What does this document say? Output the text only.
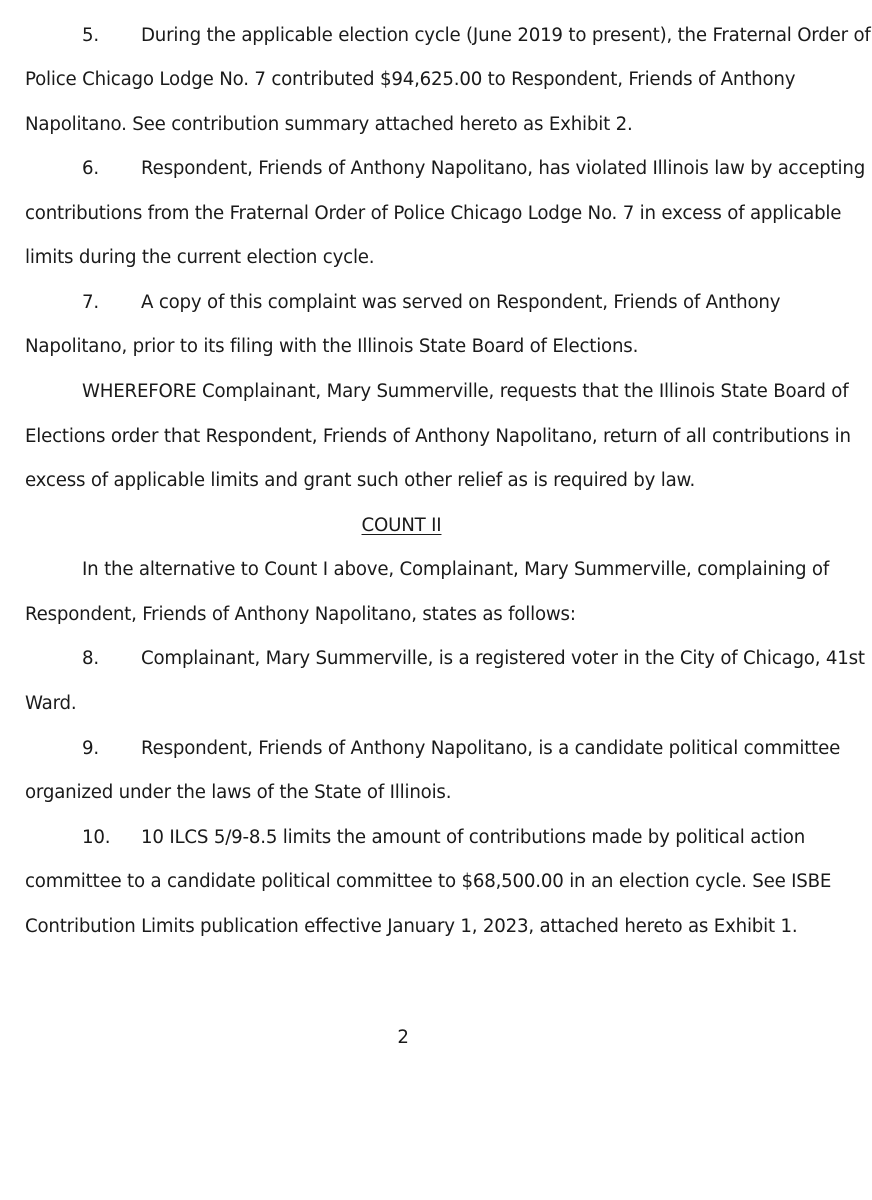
5. During the applicable election cycle (June 2019 to present), the Fraternal Order of
Police Chicago Lodge No. 7 contributed $94,625.00 to Respondent, Friends of Anthony
Napolitano. See contribution summary attached hereto as Exhibit 2.
6. Respondent, Friends of Anthony Napolitano, has violated Illinois law by accepting
contributions from the Fraternal Order of Police Chicago Lodge No. 7 in excess of applicable
limits during the current election cycle.
7. A copy of this complaint was served on Respondent, Friends of Anthony
Napolitano, prior to its filing with the Illinois State Board of Elections.
WHEREFORE Complainant, Mary Summerville, requests that the Illinois State Board of
Elections order that Respondent, Friends of Anthony Napolitano, return of all contributions in
excess of applicable limits and grant such other relief as is required by law.
COUNT II
In the alternative to Count I above, Complainant, Mary Summerville, complaining of
Respondent, Friends of Anthony Napolitano, states as follows:
8. Complainant, Mary Summerville, is a registered voter in the City of Chicago, 41st
Ward.
9. Respondent, Friends of Anthony Napolitano, is a candidate political committee
organized under the laws of the State of Illinois.
10. 10 ILCS 5/9-8.5 limits the amount of contributions made by political action
committee to a candidate political committee to $68,500.00 in an election cycle. See ISBE
Contribution Limits publication effective January 1, 2023, attached hereto as Exhibit 1.
2
